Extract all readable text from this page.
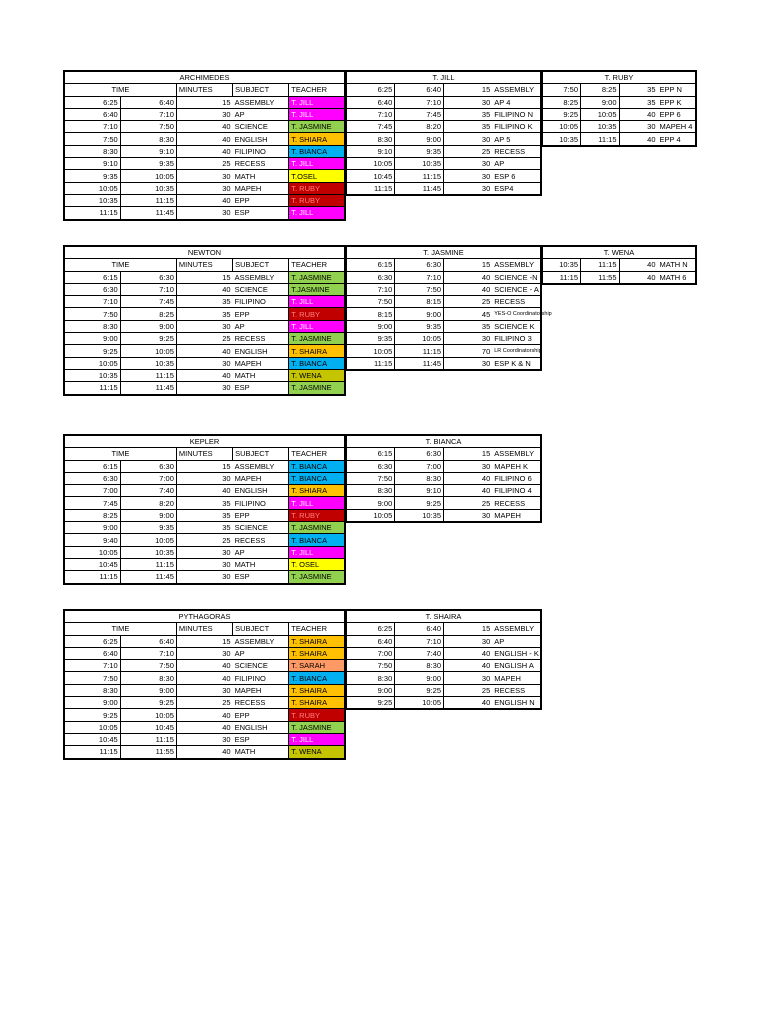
ARCHIMEDES				
TIME		MINUTES	SUBJECT	TEACHER
6:25	6:40	15	ASSEMBLY	T. JILL
6:40	7:10	30	AP	T. JILL
7:10	7:50	40	SCIENCE	T. JASMINE
7:50	8:30	40	ENGLISH	T. SHIARA
8:30	9:10	40	FILIPINO	T. BIANCA
9:10	9:35	25	RECESS	T. JILL
9:35	10:05	30	MATH	T.OSEL
10:05	10:35	30	MAPEH	T. RUBY
10:35	11:15	40	EPP	T. RUBY
11:15	11:45	30	ESP	T. JILL
NEWTON				
TIME		MINUTES	SUBJECT	TEACHER
6:15	6:30	15	ASSEMBLY	T. JASMINE
6:30	7:10	40	SCIENCE	T.JASMINE
7:10	7:45	35	FILIPINO	T. JILL
7:50	8:25	35	EPP	T. RUBY
8:30	9:00	30	AP	T. JILL
9:00	9:25	25	RECESS	T. JASMINE
9:25	10:05	40	ENGLISH	T. SHAIRA
10:05	10:35	30	MAPEH	T. BIANCA
10:35	11:15	40	MATH	T. WENA
11:15	11:45	30	ESP	T. JASMINE
KEPLER				
TIME		MINUTES	SUBJECT	TEACHER
6:15	6:30	15	ASSEMBLY	T. BIANCA
6:30	7:00	30	MAPEH	T. BIANCA
7:00	7:40	40	ENGLISH	T. SHIARA
7:45	8:20	35	FILIPINO	T. JILL
8:25	9:00	35	EPP	T. RUBY
9:00	9:35	35	SCIENCE	T. JASMINE
9:40	10:05	25	RECESS	T. BIANCA
10:05	10:35	30	AP	T. JILL
10:45	11:15	30	MATH	T. OSEL
11:15	11:45	30	ESP	T. JASMINE
PYTHAGORAS				
TIME		MINUTES	SUBJECT	TEACHER
6:25	6:40	15	ASSEMBLY	T. SHAIRA
6:40	7:10	30	AP	T. SHAIRA
7:10	7:50	40	SCIENCE	T. SARAH
7:50	8:30	40	FILIPINO	T. BIANCA
8:30	9:00	30	MAPEH	T. SHAIRA
9:00	9:25	25	RECESS	T. SHAIRA
9:25	10:05	40	EPP	T. RUBY
10:05	10:45	40	ENGLISH	T. JASMINE
10:45	11:15	30	ESP	T. JILL
11:15	11:55	40	MATH	T. WENA
T. JILL			
6:25	6:40	15	ASSEMBLY
6:40	7:10	30	AP 4
7:10	7:45	35	FILIPINO N
7:45	8:20	35	FILIPINO K
8:30	9:00	30	AP 5
9:10	9:35	25	RECESS
10:05	10:35	30	AP
10:45	11:15	30	ESP 6
11:15	11:45	30	ESP4
T. RUBY			
7:50	8:25	35	EPP N
8:25	9:00	35	EPP K
9:25	10:05	40	EPP 6
10:05	10:35	30	MAPEH 4
10:35	11:15	40	EPP 4
T. JASMINE			
6:15	6:30	15	ASSEMBLY
6:30	7:10	40	SCIENCE -N
7:10	7:50	40	SCIENCE - A
7:50	8:15	25	RECESS
8:15	9:00	45	YES-O Coordinatorship
9:00	9:35	35	SCIENCE K
9:35	10:05	30	FILIPINO 3
10:05	11:15	70	LR Coordinatorship
11:15	11:45	30	ESP K & N
T. WENA			
10:35	11:15	40	MATH N
11:15	11:55	40	MATH 6
T. BIANCA			
6:15	6:30	15	ASSEMBLY
6:30	7:00	30	MAPEH K
7:50	8:30	40	FILIPINO 6
8:30	9:10	40	FILIPINO 4
9:00	9:25	25	RECESS
10:05	10:35	30	MAPEH
T. SHAIRA			
6:25	6:40	15	ASSEMBLY
6:40	7:10	30	AP
7:00	7:40	40	ENGLISH - K
7:50	8:30	40	ENGLISH A
8:30	9:00	30	MAPEH
9:00	9:25	25	RECESS
9:25	10:05	40	ENGLISH N
